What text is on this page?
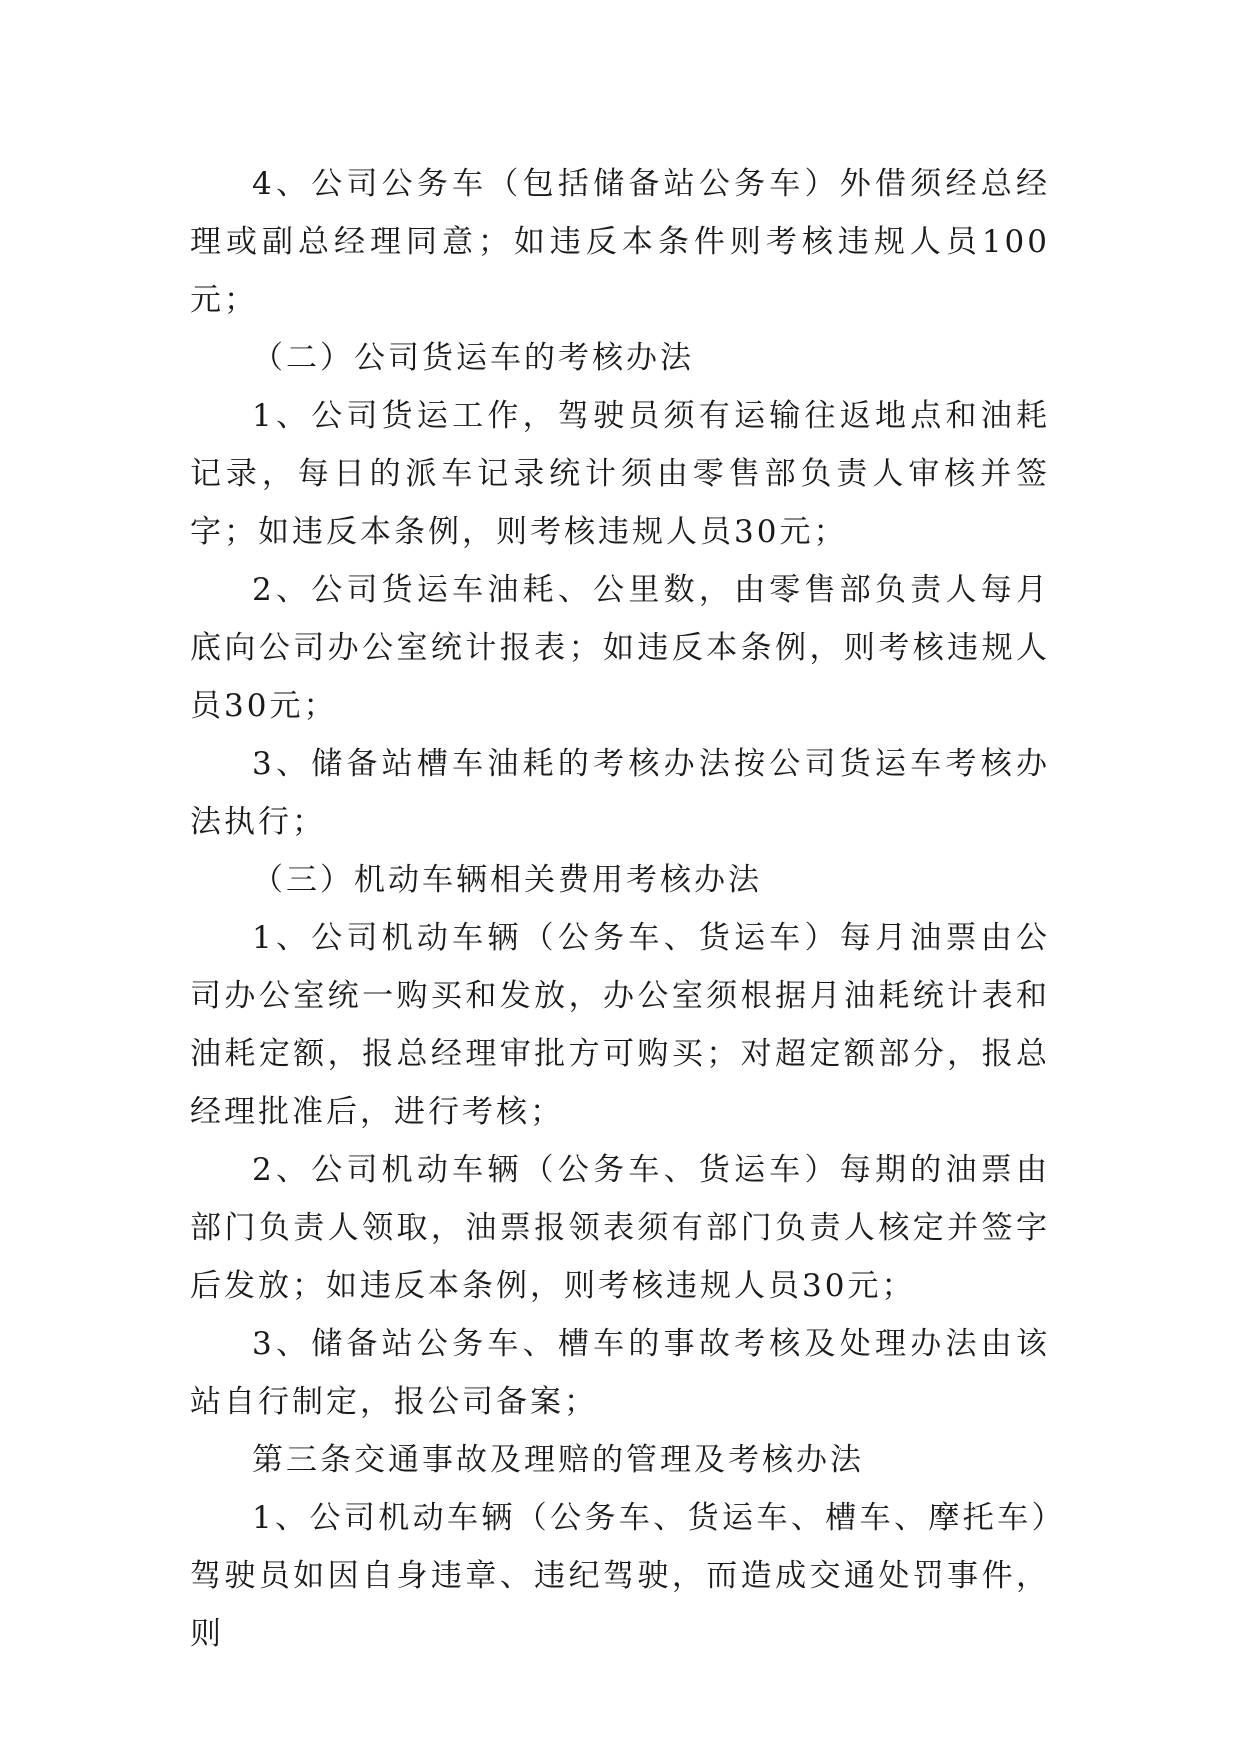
4、公司公务车（包括储备站公务车）外借须经总经理或副总经理同意；如违反本条件则考核违规人员100元；

（二）公司货运车的考核办法

1、公司货运工作，驾驶员须有运输往返地点和油耗记录，每日的派车记录统计须由零售部负责人审核并签字；如违反本条例，则考核违规人员30元；

2、公司货运车油耗、公里数，由零售部负责人每月底向公司办公室统计报表；如违反本条例，则考核违规人员30元；

3、储备站槽车油耗的考核办法按公司货运车考核办法执行；

（三）机动车辆相关费用考核办法

1、公司机动车辆（公务车、货运车）每月油票由公司办公室统一购买和发放，办公室须根据月油耗统计表和油耗定额，报总经理审批方可购买；对超定额部分，报总经理批准后，进行考核；

2、公司机动车辆（公务车、货运车）每期的油票由部门负责人领取，油票报领表须有部门负责人核定并签字后发放；如违反本条例，则考核违规人员30元；

3、储备站公务车、槽车的事故考核及处理办法由该站自行制定，报公司备案；

第三条交通事故及理赔的管理及考核办法

1、公司机动车辆（公务车、货运车、槽车、摩托车）驾驶员如因自身违章、违纪驾驶，而造成交通处罚事件，则
